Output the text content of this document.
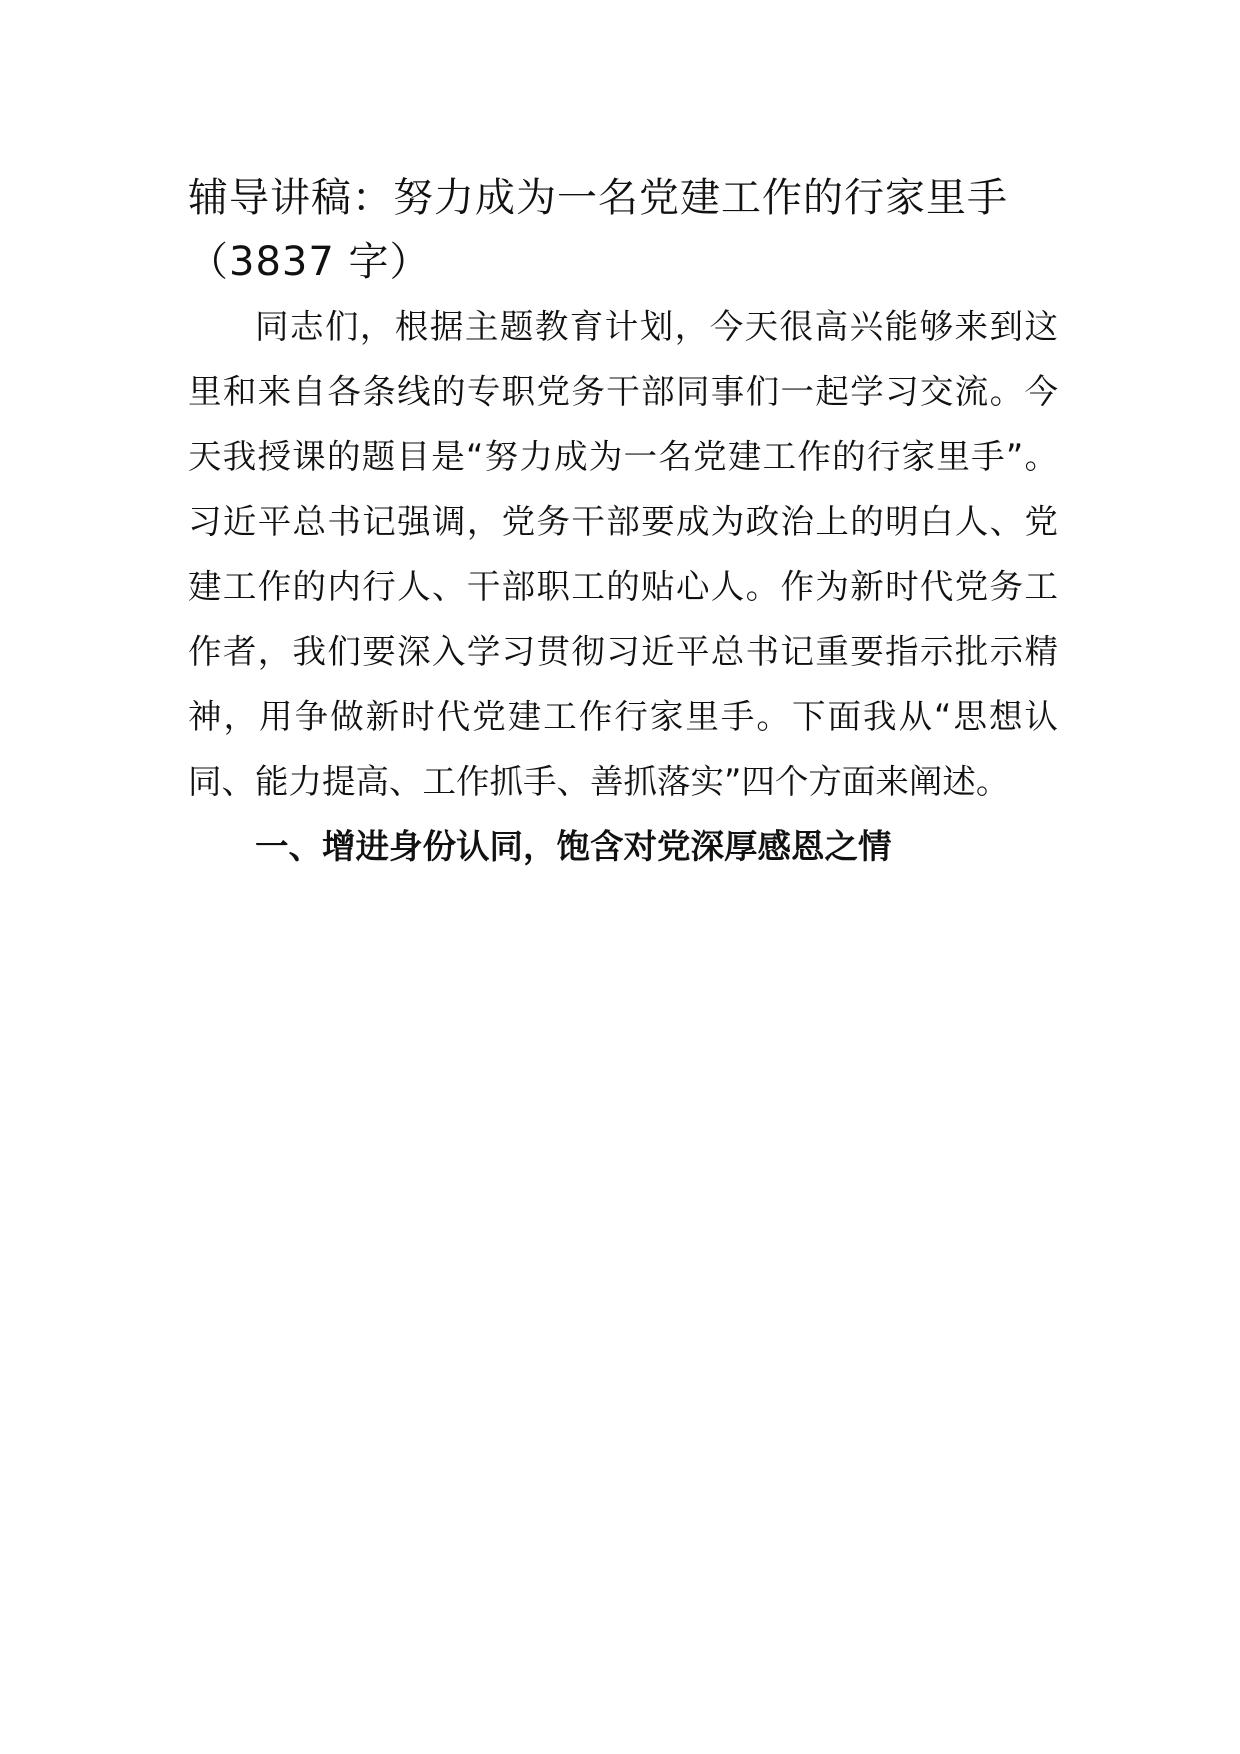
辅导讲稿：努力成为一名党建工作的行家里手
（3837 字）

同志们，根据主题教育计划，今天很高兴能够来到这里和来自各条线的专职党务干部同事们一起学习交流。今天我授课的题目是“努力成为一名党建工作的行家里手”。习近平总书记强调，党务干部要成为政治上的明白人、党建工作的内行人、干部职工的贴心人。作为新时代党务工作者，我们要深入学习贯彻习近平总书记重要指示批示精神，用争做新时代党建工作行家里手。下面我从“思想认同、能力提高、工作抓手、善抓落实”四个方面来阐述。

一、增进身份认同，饱含对党深厚感恩之情
